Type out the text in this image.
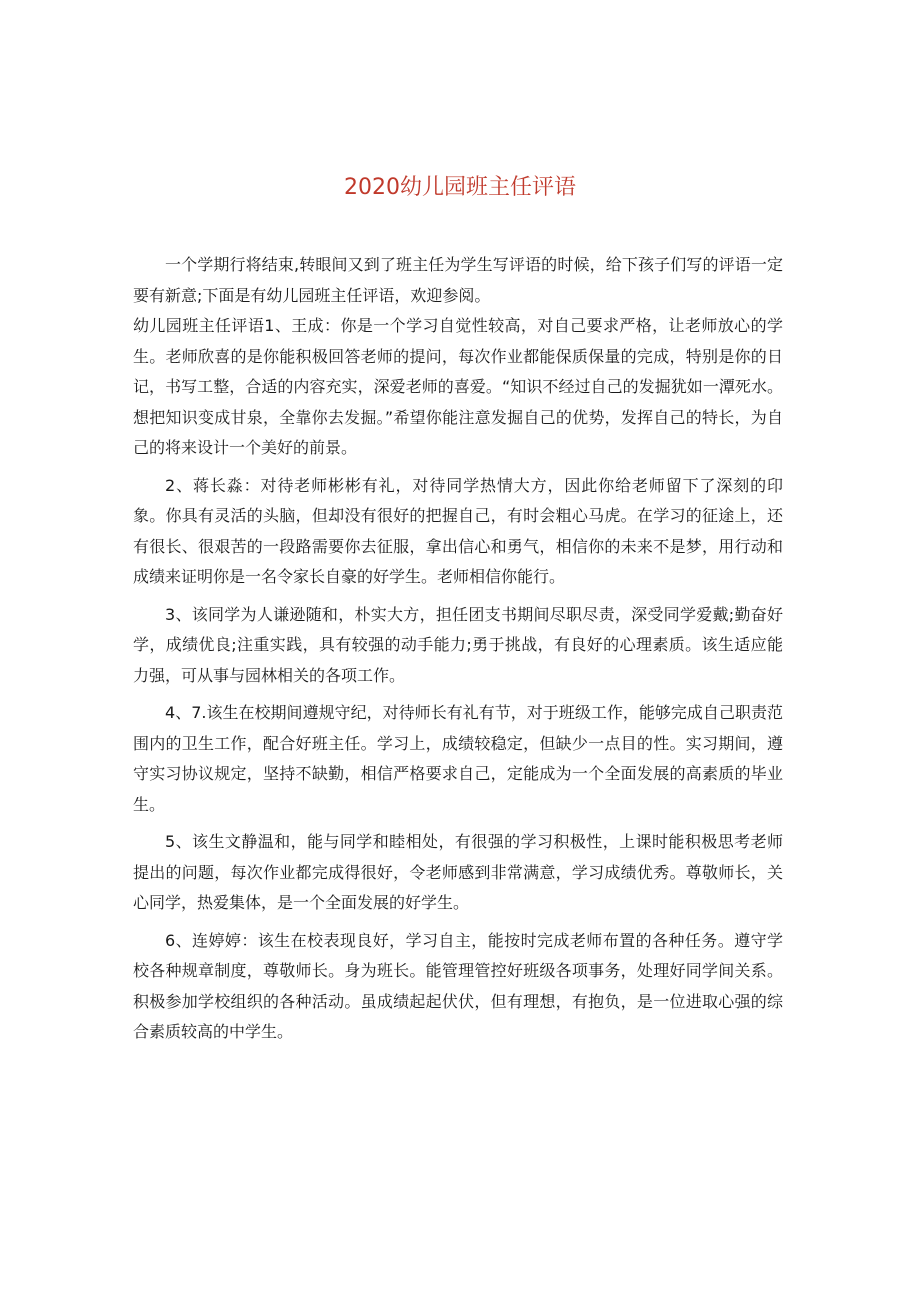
2020幼儿园班主任评语

一个学期行将结束,转眼间又到了班主任为学生写评语的时候，给下孩子们写的评语一定要有新意;下面是有幼儿园班主任评语，欢迎参阅。

幼儿园班主任评语1、王成：你是一个学习自觉性较高，对自己要求严格，让老师放心的学生。老师欣喜的是你能积极回答老师的提问，每次作业都能保质保量的完成，特别是你的日记，书写工整，合适的内容充实，深爱老师的喜爱。“知识不经过自己的发掘犹如一潭死水。想把知识变成甘泉，全靠你去发掘。”希望你能注意发掘自己的优势，发挥自己的特长，为自己的将来设计一个美好的前景。

2、蒋长淼：对待老师彬彬有礼，对待同学热情大方，因此你给老师留下了深刻的印象。你具有灵活的头脑，但却没有很好的把握自己，有时会粗心马虎。在学习的征途上，还有很长、很艰苦的一段路需要你去征服，拿出信心和勇气，相信你的未来不是梦，用行动和成绩来证明你是一名令家长自豪的好学生。老师相信你能行。

3、该同学为人谦逊随和，朴实大方，担任团支书期间尽职尽责，深受同学爱戴;勤奋好学，成绩优良;注重实践，具有较强的动手能力;勇于挑战，有良好的心理素质。该生适应能力强，可从事与园林相关的各项工作。

4、7.该生在校期间遵规守纪，对待师长有礼有节，对于班级工作，能够完成自己职责范围内的卫生工作，配合好班主任。学习上，成绩较稳定，但缺少一点目的性。实习期间，遵守实习协议规定，坚持不缺勤，相信严格要求自己，定能成为一个全面发展的高素质的毕业生。

5、该生文静温和，能与同学和睦相处，有很强的学习积极性，上课时能积极思考老师提出的问题，每次作业都完成得很好，令老师感到非常满意，学习成绩优秀。尊敬师长，关心同学，热爱集体，是一个全面发展的好学生。

6、连婷婷：该生在校表现良好，学习自主，能按时完成老师布置的各种任务。遵守学校各种规章制度，尊敬师长。身为班长。能管理管控好班级各项事务，处理好同学间关系。积极参加学校组织的各种活动。虽成绩起起伏伏，但有理想，有抱负，是一位进取心强的综合素质较高的中学生。
